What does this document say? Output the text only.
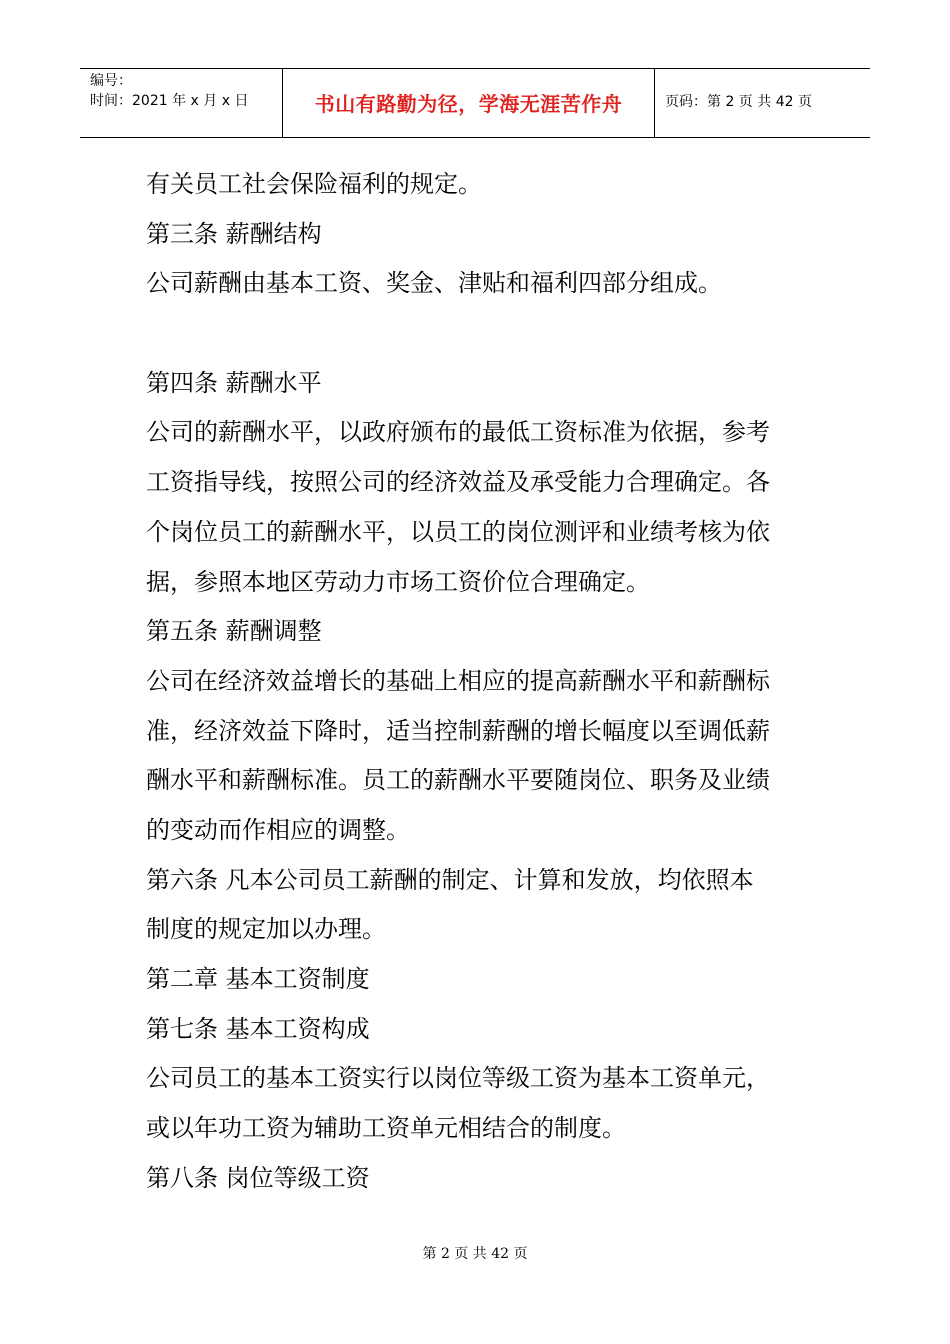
编号：
时间：2021 年 x 月 x 日	书山有路勤为径，学海无涯苦作舟	页码：第 2 页 共 42 页
有关员工社会保险福利的规定。
第三条 薪酬结构
公司薪酬由基本工资、奖金、津贴和福利四部分组成。
第四条 薪酬水平
公司的薪酬水平，以政府颁布的最低工资标准为依据，参考
工资指导线，按照公司的经济效益及承受能力合理确定。各
个岗位员工的薪酬水平，以员工的岗位测评和业绩考核为依
据，参照本地区劳动力市场工资价位合理确定。
第五条 薪酬调整
公司在经济效益增长的基础上相应的提高薪酬水平和薪酬标
准，经济效益下降时，适当控制薪酬的增长幅度以至调低薪
酬水平和薪酬标准。员工的薪酬水平要随岗位、职务及业绩
的变动而作相应的调整。
第六条 凡本公司员工薪酬的制定、计算和发放，均依照本
制度的规定加以办理。
第二章 基本工资制度
第七条 基本工资构成
公司员工的基本工资实行以岗位等级工资为基本工资单元，
或以年功工资为辅助工资单元相结合的制度。
第八条 岗位等级工资
第 2 页 共 42 页
